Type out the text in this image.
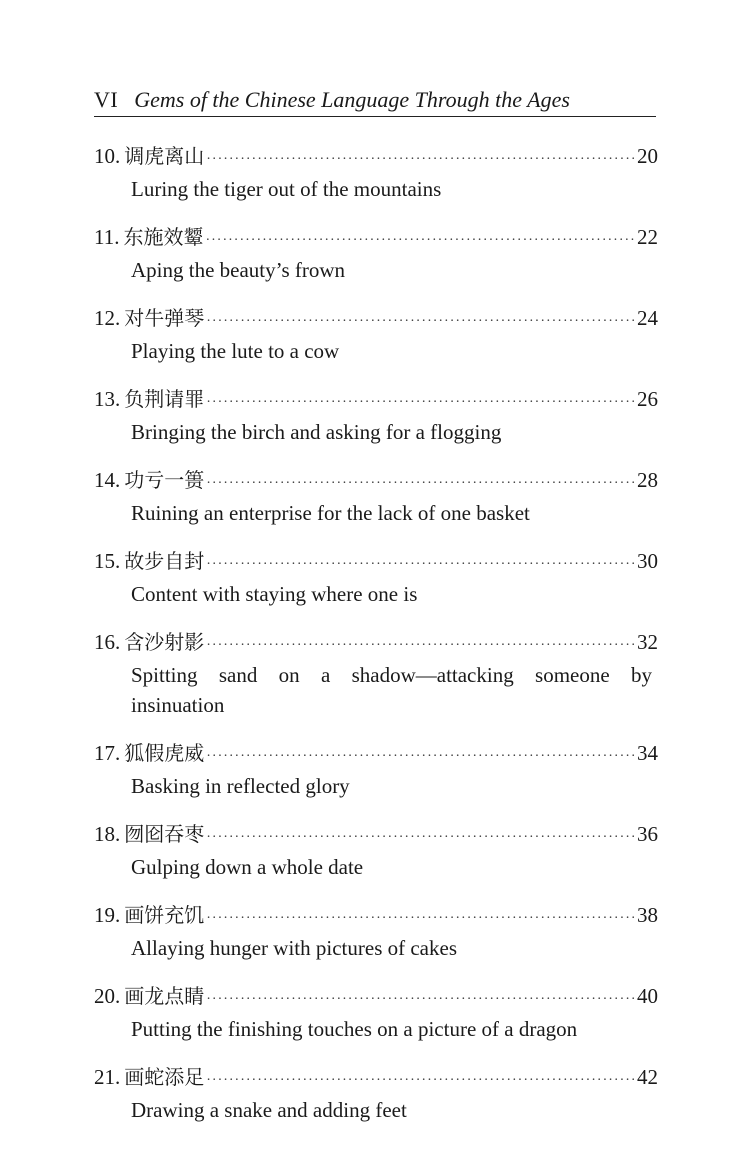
VI Gems of the Chinese Language Through the Ages
10. 调虎离山 ·····	20
Luring the tiger out of the mountains
11. 东施效颦 ·····	22
Aping the beauty’s frown
12. 对牛弹琴 ·····	24
Playing the lute to a cow
13. 负荆请罪 ·····	26
Bringing the birch and asking for a flogging
14. 功亏一篑 ·····	28
Ruining an enterprise for the lack of one basket
15. 故步自封 ·····	30
Content with staying where one is
16. 含沙射影 ·····	32
Spitting sand on a shadow—attacking someone by insinuation
17. 狐假虎威 ·····	34
Basking in reflected glory
18. 囫囵吞枣 ·····	36
Gulping down a whole date
19. 画饼充饥 ·····	38
Allaying hunger with pictures of cakes
20. 画龙点睛 ·····	40
Putting the finishing touches on a picture of a dragon
21. 画蛇添足 ·····	42
Drawing a snake and adding feet
